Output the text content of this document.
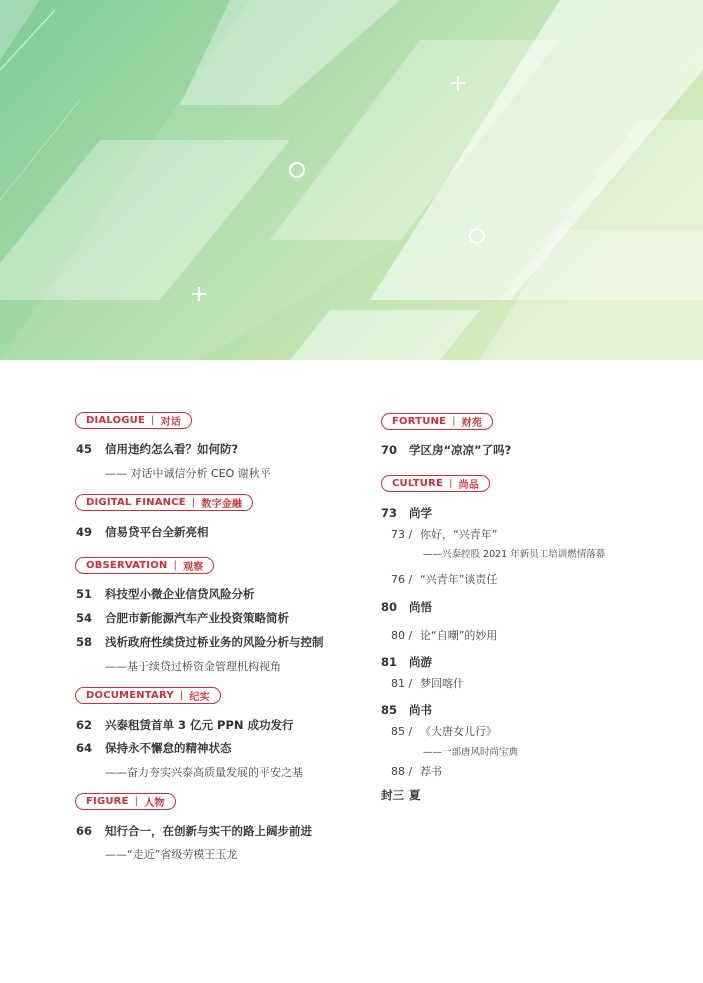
DIALOGUE | 对话
45	信用违约怎么看？如何防?
—— 对话中诚信分析 CEO 谢秋平
DIGITAL FINANCE | 数字金融
49	信易贷平台全新亮相
OBSERVATION | 观察
51	科技型小微企业信贷风险分析
54	合肥市新能源汽车产业投资策略简析
58	浅析政府性续贷过桥业务的风险分析与控制
——基于续贷过桥资金管理机构视角
DOCUMENTARY | 纪实
62	兴泰租赁首单 3 亿元 PPN 成功发行
64	保持永不懈怠的精神状态
——奋力夯实兴泰高质量发展的平安之基
FIGURE | 人物
66	知行合一，在创新与实干的路上阔步前进
——“走近”省级劳模王玉龙
FORTUNE | 财苑
70	学区房“凉凉”了吗?
CULTURE | 尚品
73	尚学
73 / 你好，“兴青年”
——兴泰控股 2021 年新员工培训燃情落幕
76 / “兴青年”谈责任
80	尚悟
80 / 论“自嘲”的妙用
81	尚游
81 / 梦回喀什
85	尚书
85 / 《大唐女儿行》
——一部唐风时尚宝典
88 / 荐书
封三 夏
